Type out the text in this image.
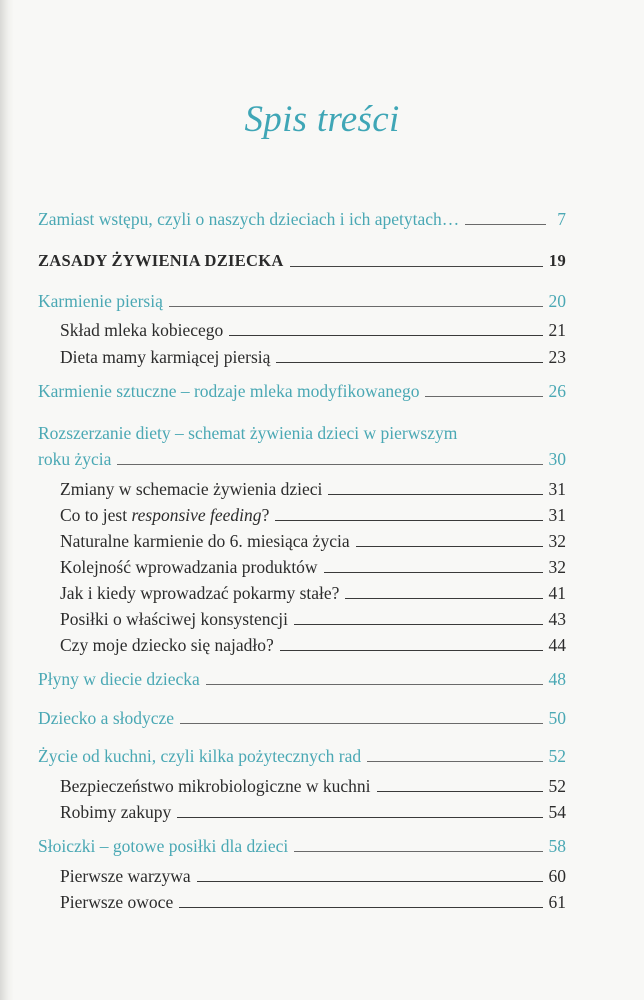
Spis treści
Zamiast wstępu, czyli o naszych dzieciach i ich apetytach…	7
ZASADY ŻYWIENIA DZIECKA	19
Karmienie piersią	20
Skład mleka kobiecego	21
Dieta mamy karmiącej piersią	23
Karmienie sztuczne – rodzaje mleka modyfikowanego	26
Rozszerzanie diety – schemat żywienia dzieci w pierwszym
roku życia	30
Zmiany w schemacie żywienia dzieci	31
Co to jest responsive feeding?	31
Naturalne karmienie do 6. miesiąca życia	32
Kolejność wprowadzania produktów	32
Jak i kiedy wprowadzać pokarmy stałe?	41
Posiłki o właściwej konsystencji	43
Czy moje dziecko się najadło?	44
Płyny w diecie dziecka	48
Dziecko a słodycze	50
Życie od kuchni, czyli kilka pożytecznych rad	52
Bezpieczeństwo mikrobiologiczne w kuchni	52
Robimy zakupy	54
Słoiczki – gotowe posiłki dla dzieci	58
Pierwsze warzywa	60
Pierwsze owoce	61
